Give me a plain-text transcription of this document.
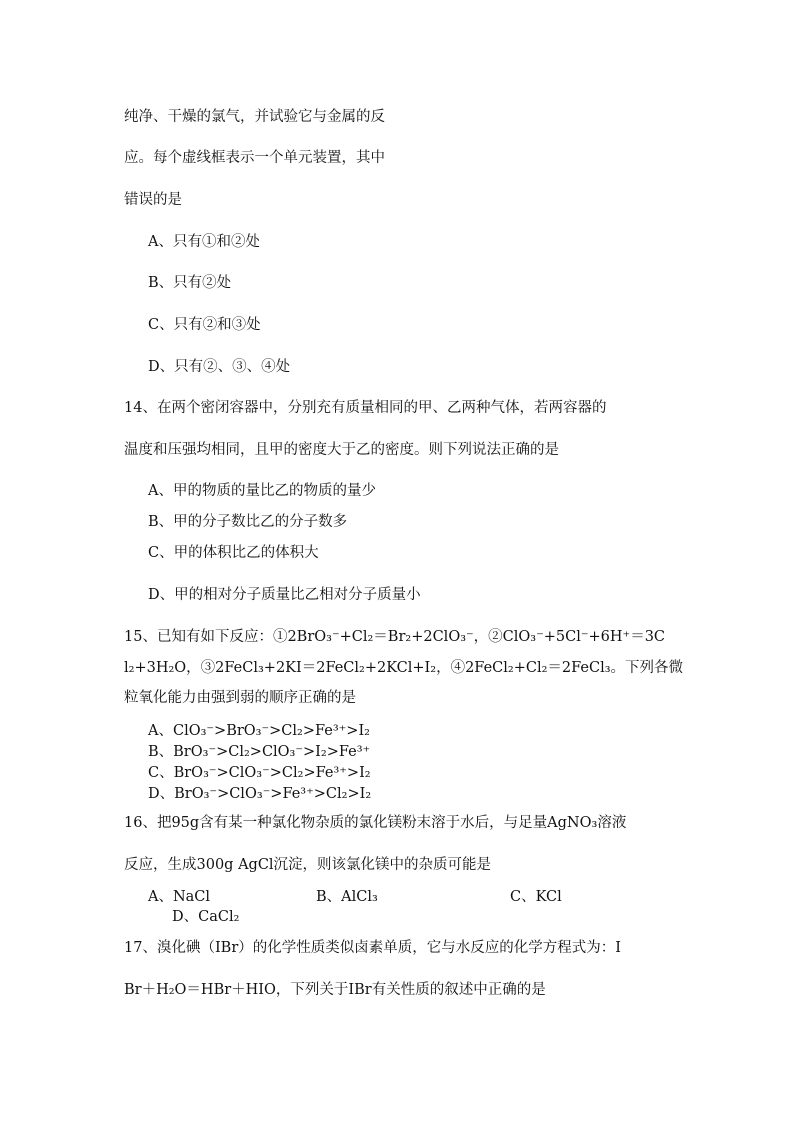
纯净、干燥的氯气，并试验它与金属的反
应。每个虚线框表示一个单元装置，其中
错误的是
A、只有①和②处
B、只有②处
C、只有②和③处
D、只有②、③、④处
14、在两个密闭容器中，分别充有质量相同的甲、乙两种气体，若两容器的
温度和压强均相同，且甲的密度大于乙的密度。则下列说法正确的是
A、甲的物质的量比乙的物质的量少
B、甲的分子数比乙的分子数多
C、甲的体积比乙的体积大
D、甲的相对分子质量比乙相对分子质量小
15、已知有如下反应：①2BrO₃⁻+Cl₂＝Br₂+2ClO₃⁻，②ClO₃⁻+5Cl⁻+6H⁺＝3C
l₂+3H₂O，③2FeCl₃+2KI＝2FeCl₂+2KCl+I₂，④2FeCl₂+Cl₂＝2FeCl₃。下列各微
粒氧化能力由强到弱的顺序正确的是
A、ClO₃⁻>BrO₃⁻>Cl₂>Fe³⁺>I₂
B、BrO₃⁻>Cl₂>ClO₃⁻>I₂>Fe³⁺
C、BrO₃⁻>ClO₃⁻>Cl₂>Fe³⁺>I₂
D、BrO₃⁻>ClO₃⁻>Fe³⁺>Cl₂>I₂
16、把95g含有某一种氯化物杂质的氯化镁粉末溶于水后，与足量AgNO₃溶液
反应，生成300g AgCl沉淀，则该氯化镁中的杂质可能是
A、NaCl	B、AlCl₃	C、KCl
D、CaCl₂
17、溴化碘（IBr）的化学性质类似卤素单质，它与水反应的化学方程式为：I
Br＋H₂O＝HBr＋HIO，下列关于IBr有关性质的叙述中正确的是
